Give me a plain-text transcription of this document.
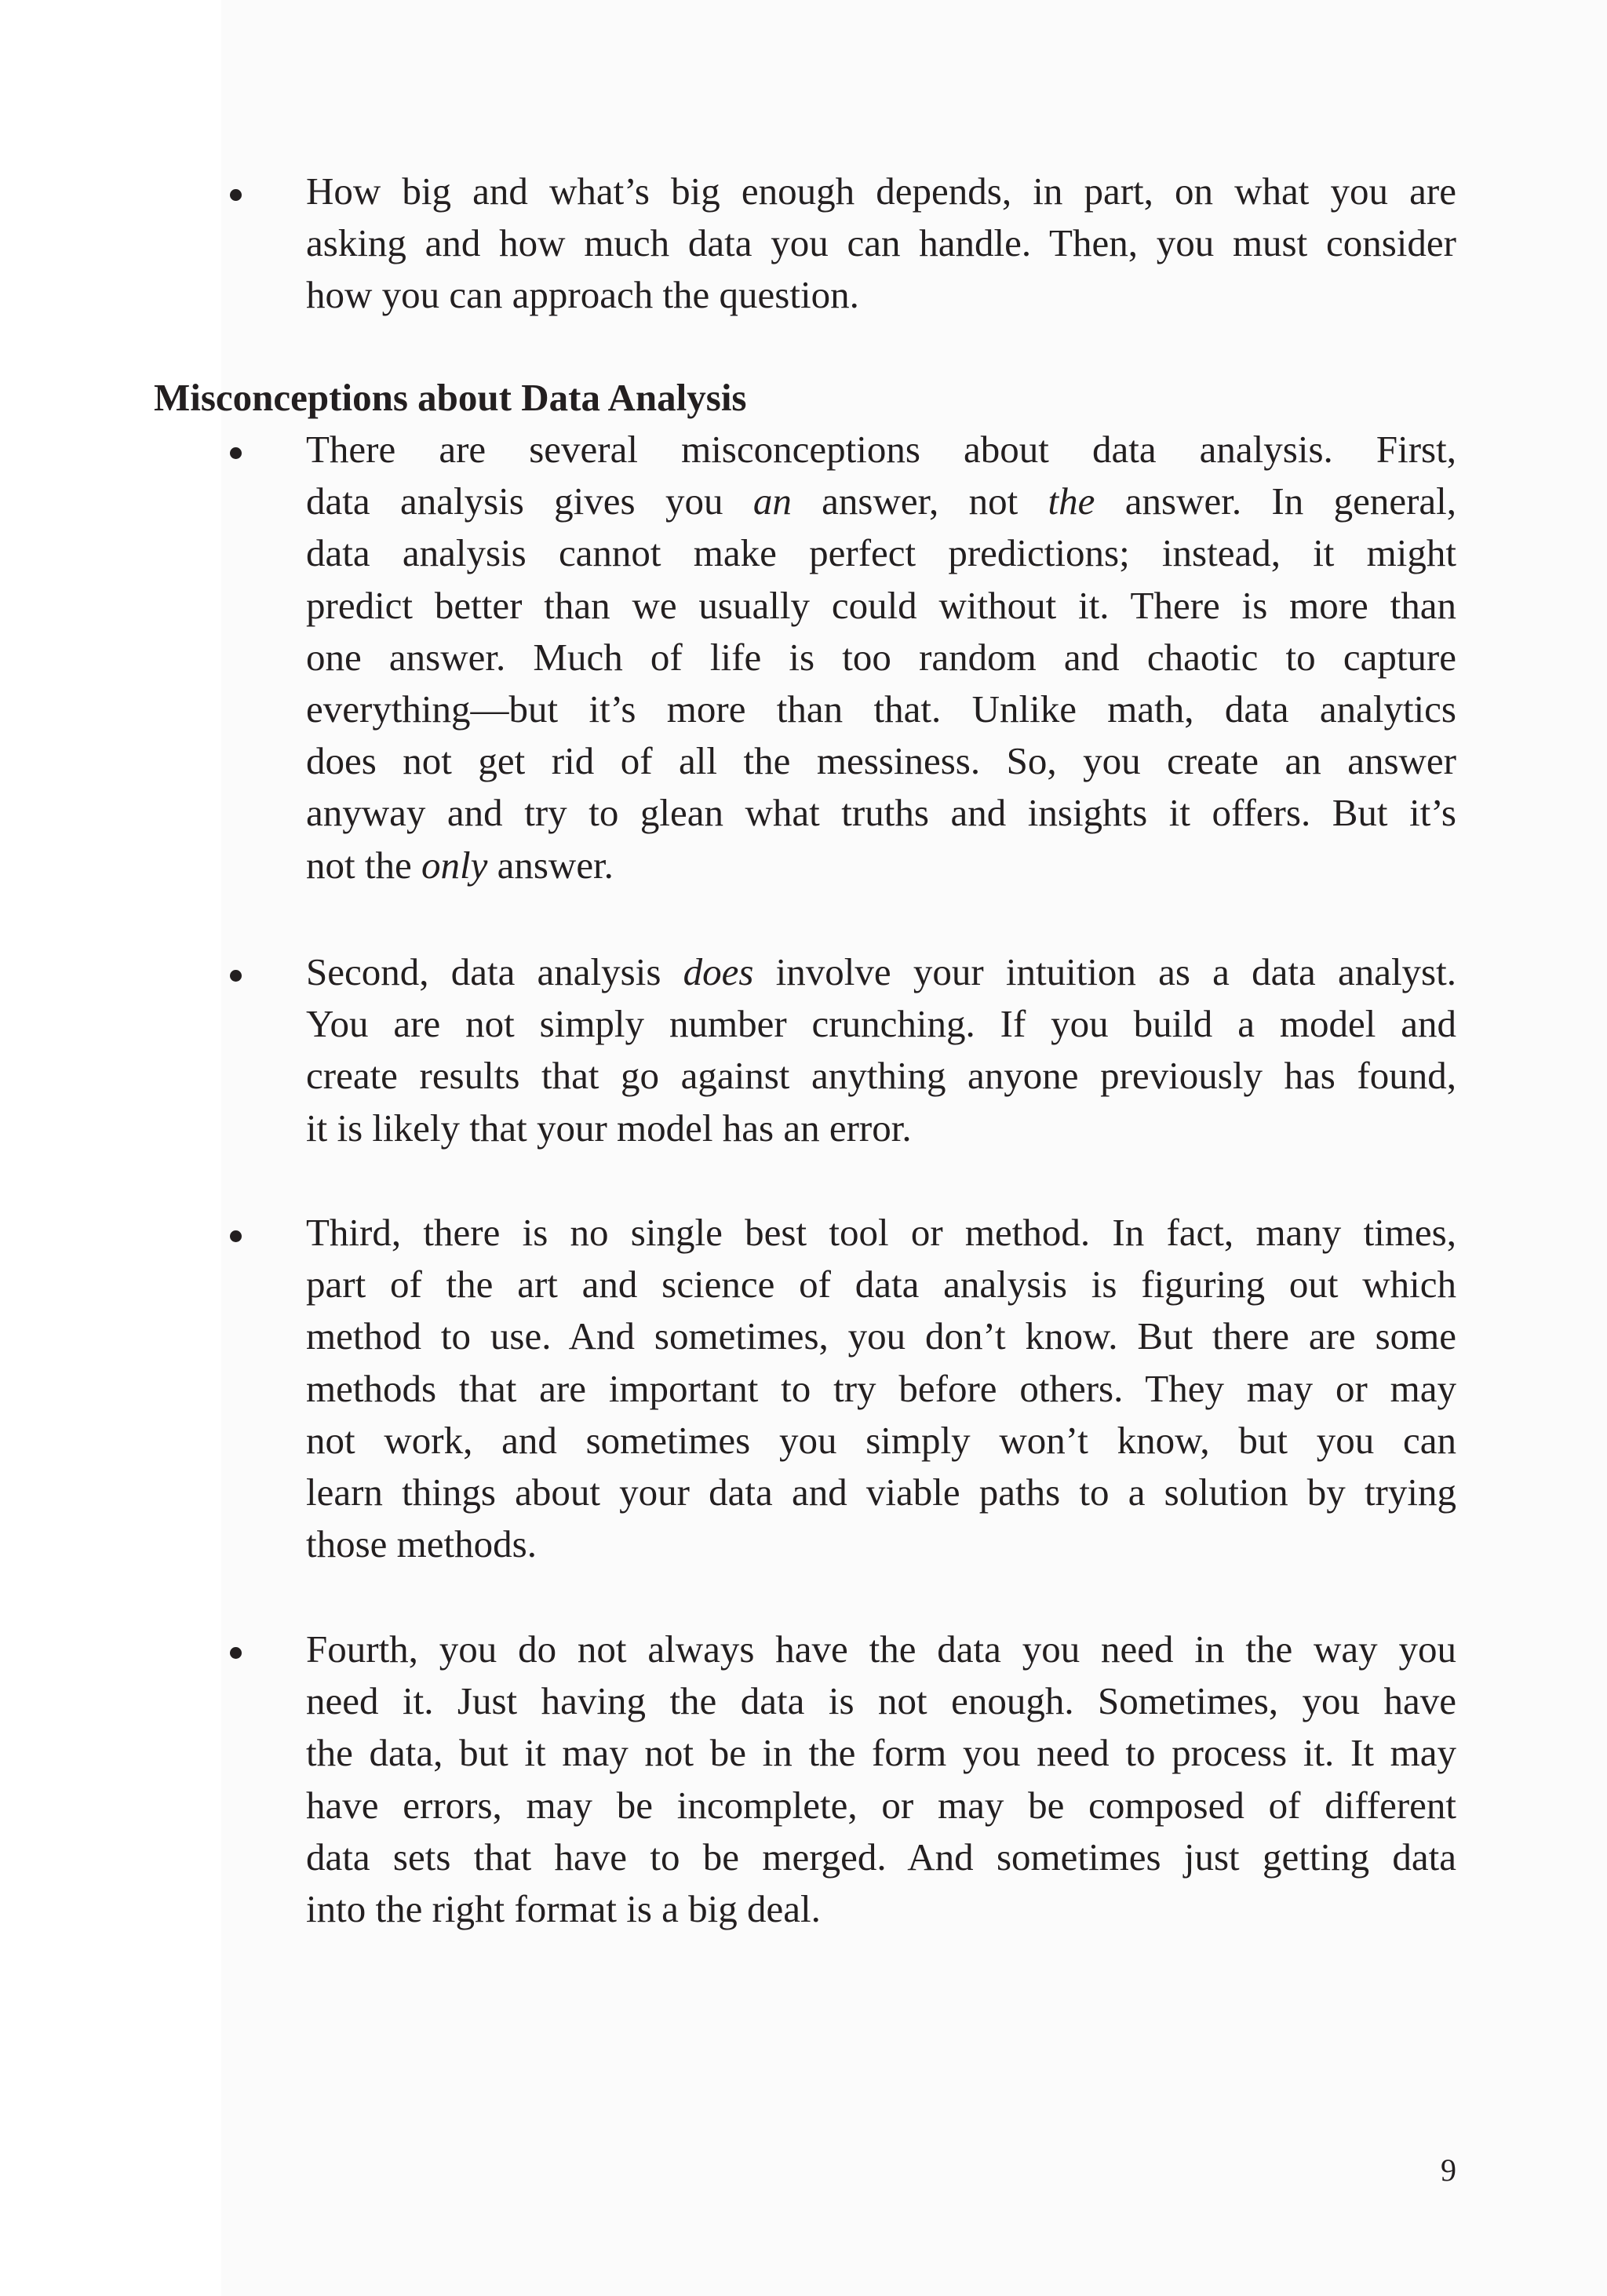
How big and what’s big enough depends, in part, on what you are
asking and how much data you can handle. Then, you must consider
how you can approach the question.

Misconceptions about Data Analysis

There are several misconceptions about data analysis. First,
data analysis gives you an answer, not the answer. In general,
data analysis cannot make perfect predictions; instead, it might
predict better than we usually could without it. There is more than
one answer. Much of life is too random and chaotic to capture
everything—but it’s more than that. Unlike math, data analytics
does not get rid of all the messiness. So, you create an answer
anyway and try to glean what truths and insights it offers. But it’s
not the only answer.

Second, data analysis does involve your intuition as a data analyst.
You are not simply number crunching. If you build a model and
create results that go against anything anyone previously has found,
it is likely that your model has an error.

Third, there is no single best tool or method. In fact, many times,
part of the art and science of data analysis is figuring out which
method to use. And sometimes, you don’t know. But there are some
methods that are important to try before others. They may or may
not work, and sometimes you simply won’t know, but you can
learn things about your data and viable paths to a solution by trying
those methods.

Fourth, you do not always have the data you need in the way you
need it. Just having the data is not enough. Sometimes, you have
the data, but it may not be in the form you need to process it. It may
have errors, may be incomplete, or may be composed of different
data sets that have to be merged. And sometimes just getting data
into the right format is a big deal.

9
